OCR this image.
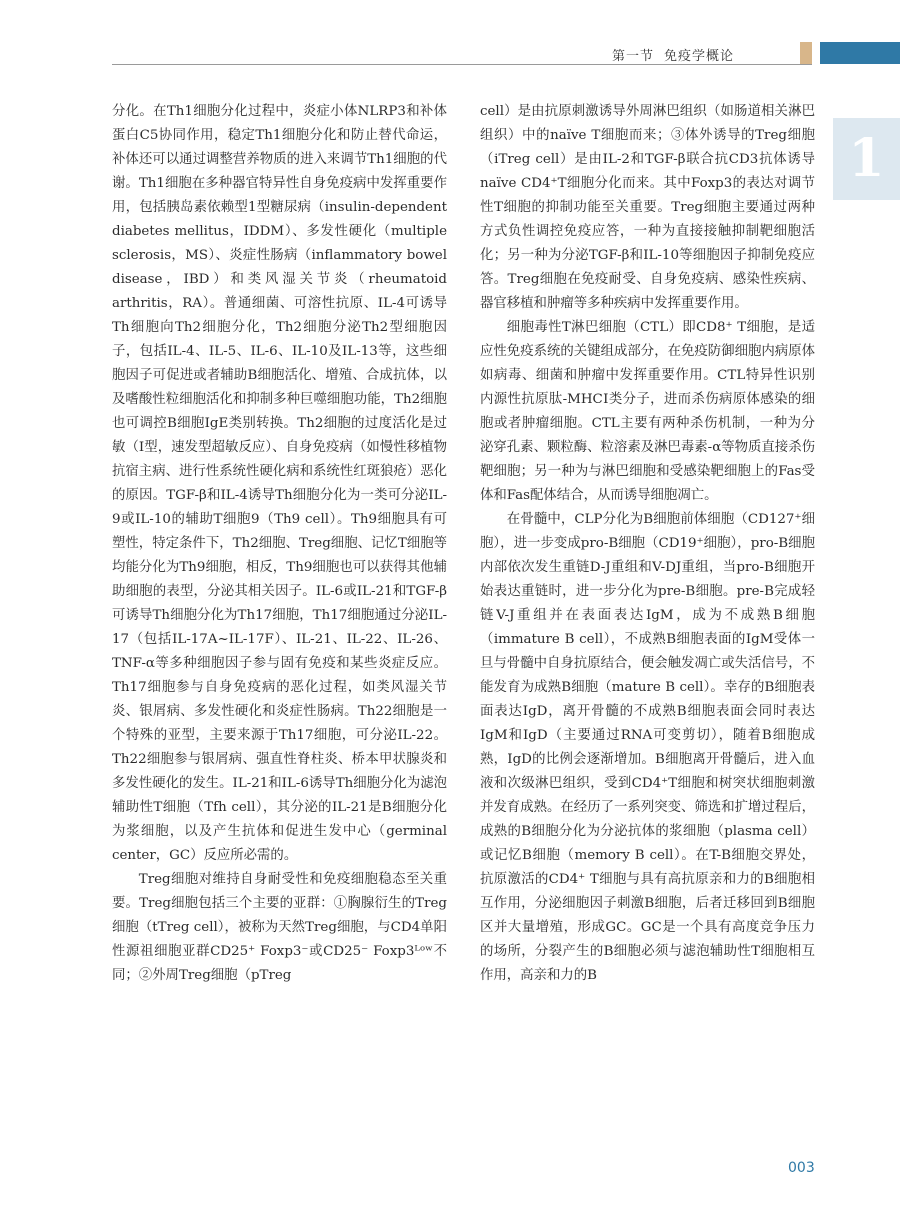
第一节 免疫学概论
1

分化。在Th1细胞分化过程中，炎症小体NLRP3和补体蛋白C5协同作用，稳定Th1细胞分化和防止替代命运，补体还可以通过调整营养物质的进入来调节Th1细胞的代谢。Th1细胞在多种器官特异性自身免疫病中发挥重要作用，包括胰岛素依赖型1型糖尿病（insulin-dependent diabetes mellitus，IDDM）、多发性硬化（multiple sclerosis，MS）、炎症性肠病（inflammatory bowel disease，IBD）和类风湿关节炎（rheumatoid arthritis，RA）。普通细菌、可溶性抗原、IL-4可诱导Th细胞向Th2细胞分化，Th2细胞分泌Th2型细胞因子，包括IL-4、IL-5、IL-6、IL-10及IL-13等，这些细胞因子可促进或者辅助B细胞活化、增殖、合成抗体，以及嗜酸性粒细胞活化和抑制多种巨噬细胞功能，Th2细胞也可调控B细胞IgE类别转换。Th2细胞的过度活化是过敏（I型，速发型超敏反应）、自身免疫病（如慢性移植物抗宿主病、进行性系统性硬化病和系统性红斑狼疮）恶化的原因。TGF-β和IL-4诱导Th细胞分化为一类可分泌IL-9或IL-10的辅助T细胞9（Th9 cell）。Th9细胞具有可塑性，特定条件下，Th2细胞、Treg细胞、记忆T细胞等均能分化为Th9细胞，相反，Th9细胞也可以获得其他辅助细胞的表型，分泌其相关因子。IL-6或IL-21和TGF-β可诱导Th细胞分化为Th17细胞，Th17细胞通过分泌IL-17（包括IL-17A~IL-17F）、IL-21、IL-22、IL-26、TNF-α等多种细胞因子参与固有免疫和某些炎症反应。Th17细胞参与自身免疫病的恶化过程，如类风湿关节炎、银屑病、多发性硬化和炎症性肠病。Th22细胞是一个特殊的亚型，主要来源于Th17细胞，可分泌IL-22。Th22细胞参与银屑病、强直性脊柱炎、桥本甲状腺炎和多发性硬化的发生。IL-21和IL-6诱导Th细胞分化为滤泡辅助性T细胞（Tfh cell），其分泌的IL-21是B细胞分化为浆细胞，以及产生抗体和促进生发中心（germinal center，GC）反应所必需的。

Treg细胞对维持自身耐受性和免疫细胞稳态至关重要。Treg细胞包括三个主要的亚群：①胸腺衍生的Treg细胞（tTreg cell），被称为天然Treg细胞，与CD4单阳性源祖细胞亚群CD25⁺ Foxp3⁻或CD25⁻ Foxp3ᴸᵒʷ不同；②外周Treg细胞（pTreg

cell）是由抗原刺激诱导外周淋巴组织（如肠道相关淋巴组织）中的naïve T细胞而来；③体外诱导的Treg细胞（iTreg cell）是由IL-2和TGF-β联合抗CD3抗体诱导naïve CD4⁺T细胞分化而来。其中Foxp3的表达对调节性T细胞的抑制功能至关重要。Treg细胞主要通过两种方式负性调控免疫应答，一种为直接接触抑制靶细胞活化；另一种为分泌TGF-β和IL-10等细胞因子抑制免疫应答。Treg细胞在免疫耐受、自身免疫病、感染性疾病、器官移植和肿瘤等多种疾病中发挥重要作用。

细胞毒性T淋巴细胞（CTL）即CD8⁺ T细胞，是适应性免疫系统的关键组成部分，在免疫防御细胞内病原体如病毒、细菌和肿瘤中发挥重要作用。CTL特异性识别内源性抗原肽-MHCⅠ类分子，进而杀伤病原体感染的细胞或者肿瘤细胞。CTL主要有两种杀伤机制，一种为分泌穿孔素、颗粒酶、粒溶素及淋巴毒素-α等物质直接杀伤靶细胞；另一种为与淋巴细胞和受感染靶细胞上的Fas受体和Fas配体结合，从而诱导细胞凋亡。

在骨髓中，CLP分化为B细胞前体细胞（CD127⁺细胞），进一步变成pro-B细胞（CD19⁺细胞），pro-B细胞内部依次发生重链D-J重组和V-DJ重组，当pro-B细胞开始表达重链时，进一步分化为pre-B细胞。pre-B完成轻链V-J重组并在表面表达IgM，成为不成熟B细胞（immature B cell），不成熟B细胞表面的IgM受体一旦与骨髓中自身抗原结合，便会触发凋亡或失活信号，不能发育为成熟B细胞（mature B cell）。幸存的B细胞表面表达IgD，离开骨髓的不成熟B细胞表面会同时表达IgM和IgD（主要通过RNA可变剪切），随着B细胞成熟，IgD的比例会逐渐增加。B细胞离开骨髓后，进入血液和次级淋巴组织，受到CD4⁺T细胞和树突状细胞刺激并发育成熟。在经历了一系列突变、筛选和扩增过程后，成熟的B细胞分化为分泌抗体的浆细胞（plasma cell）或记忆B细胞（memory B cell）。在T-B细胞交界处，抗原激活的CD4⁺ T细胞与具有高抗原亲和力的B细胞相互作用，分泌细胞因子刺激B细胞，后者迁移回到B细胞区并大量增殖，形成GC。GC是一个具有高度竞争压力的场所，分裂产生的B细胞必须与滤泡辅助性T细胞相互作用，高亲和力的B

003
